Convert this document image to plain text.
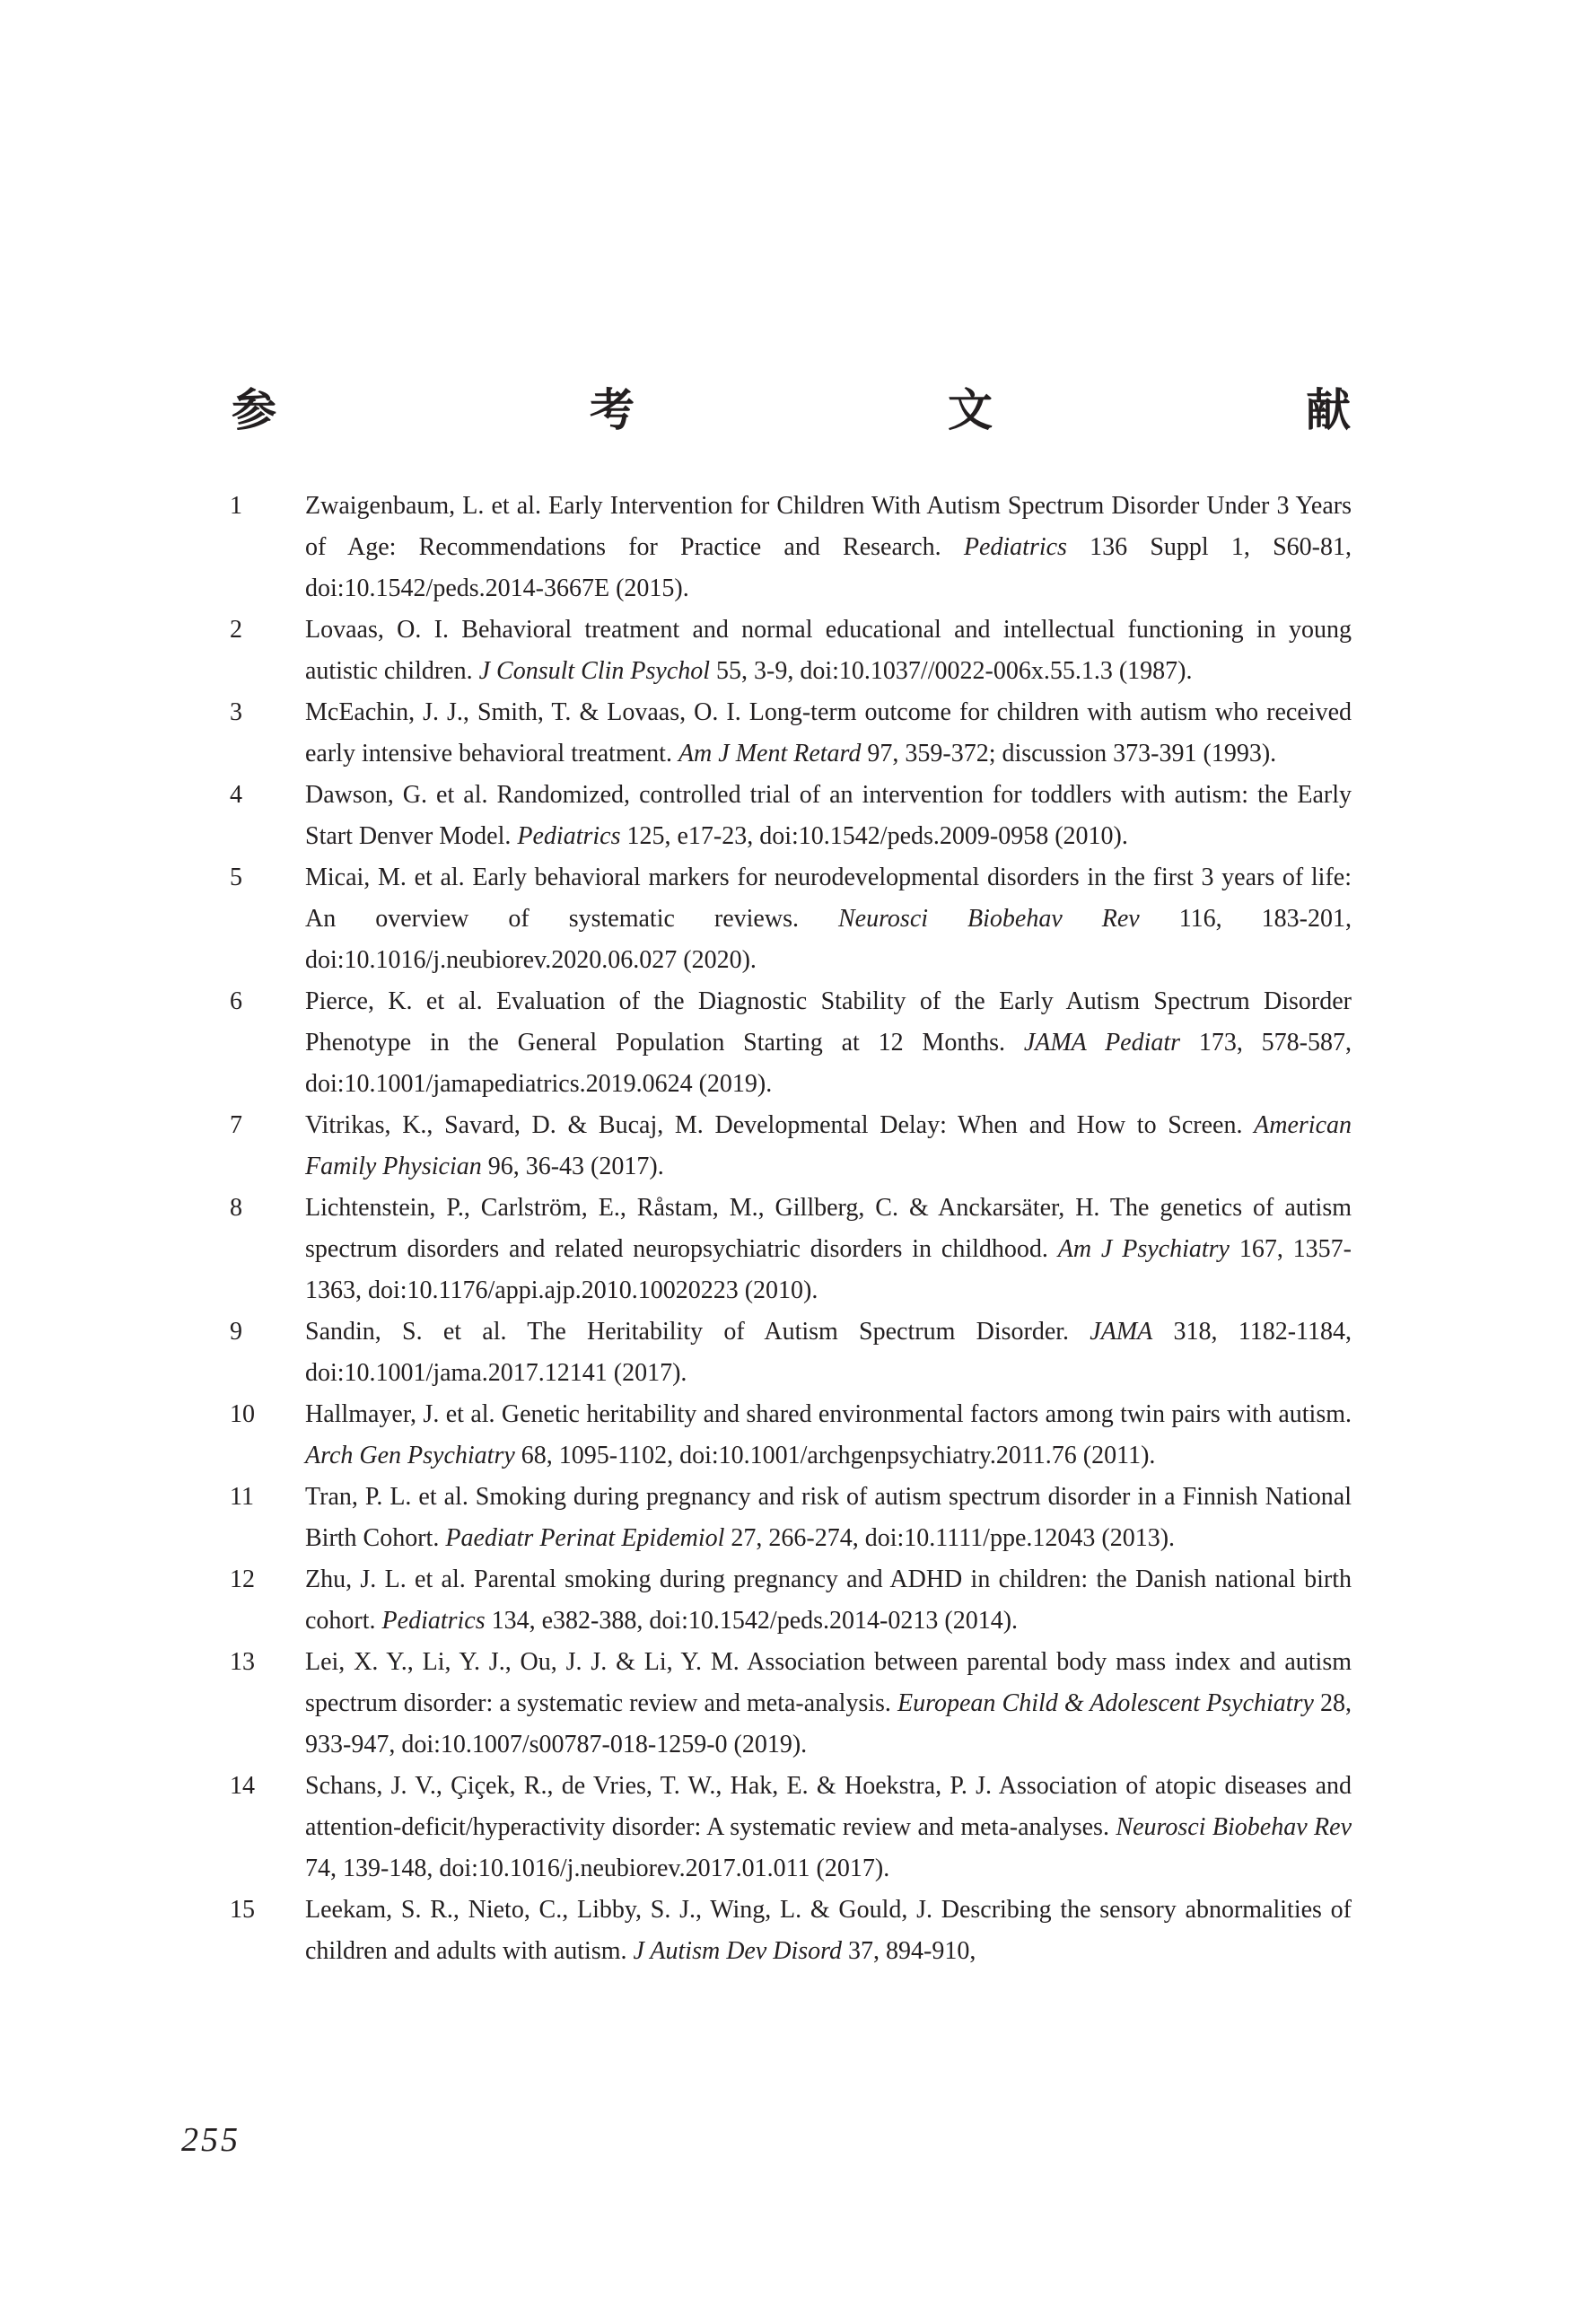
参	考	文	献
1	Zwaigenbaum, L. et al. Early Intervention for Children With Autism Spectrum Disorder Under 3 Years of Age: Recommendations for Practice and Research. Pediatrics 136 Suppl 1, S60-81, doi:10.1542/peds.2014-3667E (2015).
2	Lovaas, O. I. Behavioral treatment and normal educational and intellectual functioning in young autistic children. J Consult Clin Psychol 55, 3-9, doi:10.1037//0022-006x.55.1.3 (1987).
3	McEachin, J. J., Smith, T. & Lovaas, O. I. Long-term outcome for children with autism who received early intensive behavioral treatment. Am J Ment Retard 97, 359-372; discussion 373-391 (1993).
4	Dawson, G. et al. Randomized, controlled trial of an intervention for toddlers with autism: the Early Start Denver Model. Pediatrics 125, e17-23, doi:10.1542/peds.2009-0958 (2010).
5	Micai, M. et al. Early behavioral markers for neurodevelopmental disorders in the first 3 years of life: An overview of systematic reviews. Neurosci Biobehav Rev 116, 183-201, doi:10.1016/j.neubiorev.2020.06.027 (2020).
6	Pierce, K. et al. Evaluation of the Diagnostic Stability of the Early Autism Spectrum Disorder Phenotype in the General Population Starting at 12 Months. JAMA Pediatr 173, 578-587, doi:10.1001/jamapediatrics.2019.0624 (2019).
7	Vitrikas, K., Savard, D. & Bucaj, M. Developmental Delay: When and How to Screen. American Family Physician 96, 36-43 (2017).
8	Lichtenstein, P., Carlström, E., Råstam, M., Gillberg, C. & Anckarsäter, H. The genetics of autism spectrum disorders and related neuropsychiatric disorders in childhood. Am J Psychiatry 167, 1357-1363, doi:10.1176/appi.ajp.2010.10020223 (2010).
9	Sandin, S. et al. The Heritability of Autism Spectrum Disorder. JAMA 318, 1182-1184, doi:10.1001/jama.2017.12141 (2017).
10	Hallmayer, J. et al. Genetic heritability and shared environmental factors among twin pairs with autism. Arch Gen Psychiatry 68, 1095-1102, doi:10.1001/archgenpsychiatry.2011.76 (2011).
11	Tran, P. L. et al. Smoking during pregnancy and risk of autism spectrum disorder in a Finnish National Birth Cohort. Paediatr Perinat Epidemiol 27, 266-274, doi:10.1111/ppe.12043 (2013).
12	Zhu, J. L. et al. Parental smoking during pregnancy and ADHD in children: the Danish national birth cohort. Pediatrics 134, e382-388, doi:10.1542/peds.2014-0213 (2014).
13	Lei, X. Y., Li, Y. J., Ou, J. J. & Li, Y. M. Association between parental body mass index and autism spectrum disorder: a systematic review and meta-analysis. European Child & Adolescent Psychiatry 28, 933-947, doi:10.1007/s00787-018-1259-0 (2019).
14	Schans, J. V., Çiçek, R., de Vries, T. W., Hak, E. & Hoekstra, P. J. Association of atopic diseases and attention-deficit/hyperactivity disorder: A systematic review and meta-analyses. Neurosci Biobehav Rev 74, 139-148, doi:10.1016/j.neubiorev.2017.01.011 (2017).
15	Leekam, S. R., Nieto, C., Libby, S. J., Wing, L. & Gould, J. Describing the sensory abnormalities of children and adults with autism. J Autism Dev Disord 37, 894-910,
255
